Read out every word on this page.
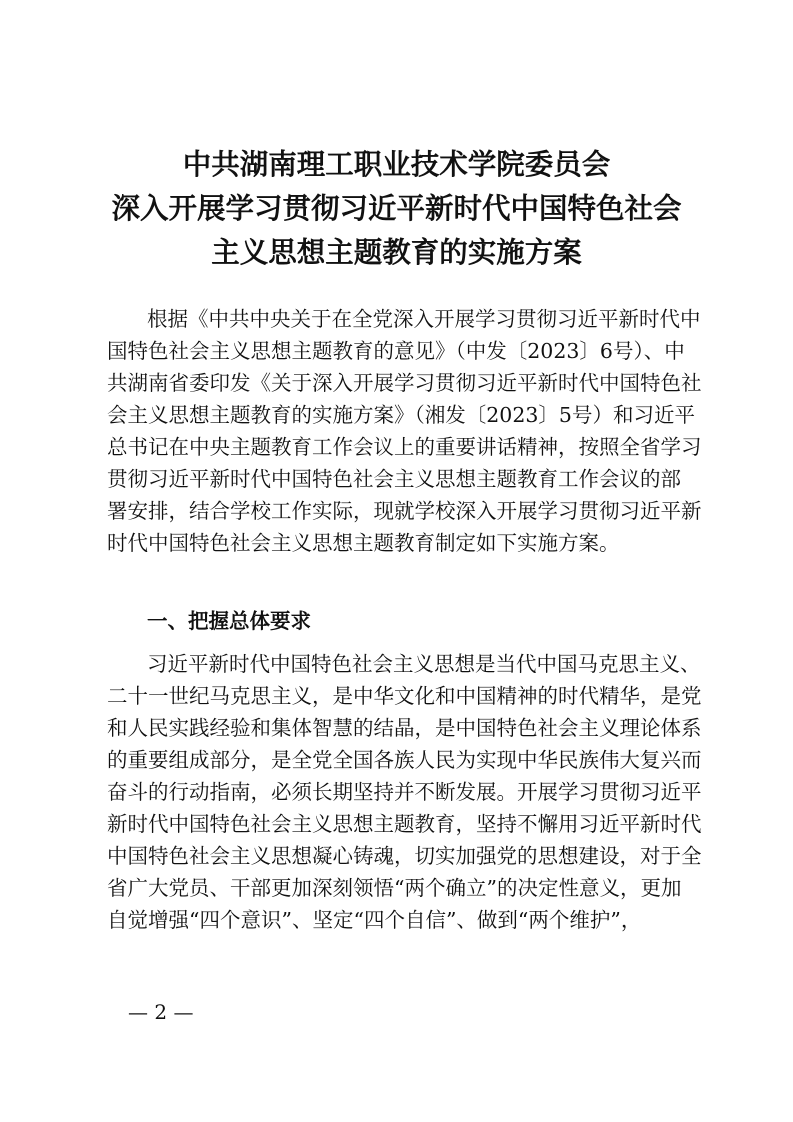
中共湖南理工职业技术学院委员会
深入开展学习贯彻习近平新时代中国特色社会
主义思想主题教育的实施方案
根据《中共中央关于在全党深入开展学习贯彻习近平新时代中
国特色社会主义思想主题教育的意见》（中发〔2023〕6号）、中
共湖南省委印发《关于深入开展学习贯彻习近平新时代中国特色社
会主义思想主题教育的实施方案》（湘发〔2023〕5号）和习近平
总书记在中央主题教育工作会议上的重要讲话精神，按照全省学习
贯彻习近平新时代中国特色社会主义思想主题教育工作会议的部
署安排，结合学校工作实际，现就学校深入开展学习贯彻习近平新
时代中国特色社会主义思想主题教育制定如下实施方案。
一、把握总体要求
习近平新时代中国特色社会主义思想是当代中国马克思主义、
二十一世纪马克思主义，是中华文化和中国精神的时代精华，是党
和人民实践经验和集体智慧的结晶，是中国特色社会主义理论体系
的重要组成部分，是全党全国各族人民为实现中华民族伟大复兴而
奋斗的行动指南，必须长期坚持并不断发展。开展学习贯彻习近平
新时代中国特色社会主义思想主题教育，坚持不懈用习近平新时代
中国特色社会主义思想凝心铸魂，切实加强党的思想建设，对于全
省广大党员、干部更加深刻领悟“两个确立”的决定性意义，更加
自觉增强“四个意识”、坚定“四个自信”、做到“两个维护”，
— 2 —
